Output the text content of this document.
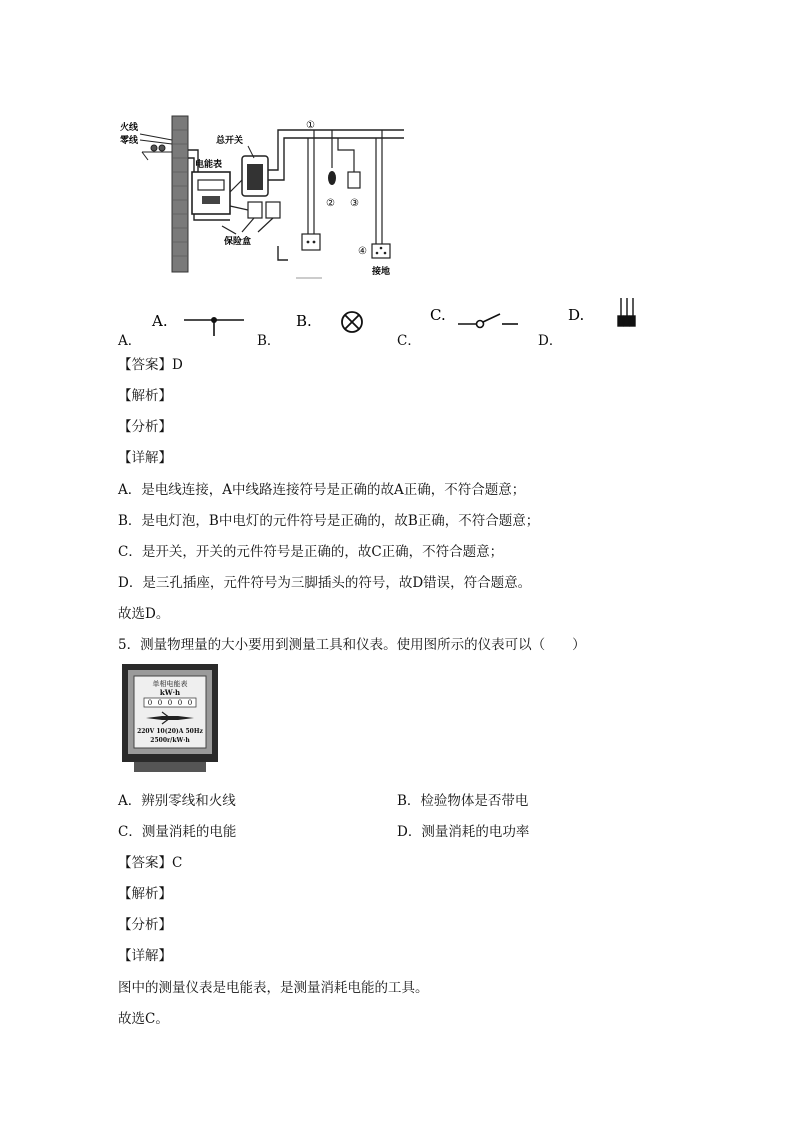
火线
零线	总开关
电能表
保险盒
①
② ③
④
接地
A.	B.	C.	D.
A．	B．	C．	D．
【答案】D
【解析】
【分析】
【详解】
A．是电线连接，A中线路连接符号是正确的故A正确，不符合题意；
B．是电灯泡，B中电灯的元件符号是正确的，故B正确，不符合题意；
C．是开关，开关的元件符号是正确的，故C正确，不符合题意；
D．是三孔插座，元件符号为三脚插头的符号，故D错误，符合题意。
故选D。
5．测量物理量的大小要用到测量工具和仪表。使用图所示的仪表可以（　　）
单相电能表
kW·h
0 0 0 0 0
220V 10(20)A 50Hz
2500r/kW·h
A．辨别零线和火线	B．检验物体是否带电
C．测量消耗的电能	D．测量消耗的电功率
【答案】C
【解析】
【分析】
【详解】
图中的测量仪表是电能表，是测量消耗电能的工具。
故选C。
